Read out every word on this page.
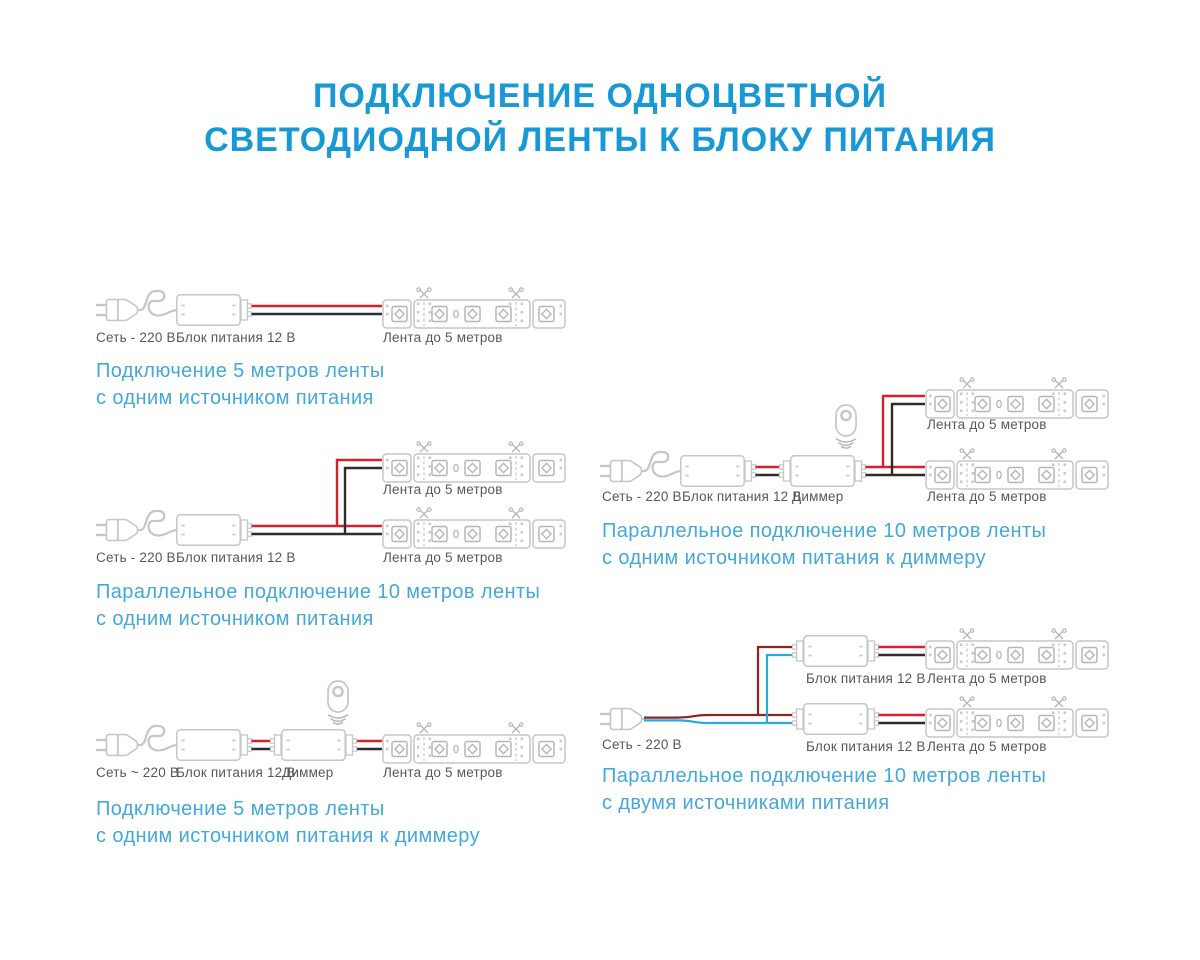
ПОДКЛЮЧЕНИЕ ОДНОЦВЕТНОЙ
СВЕТОДИОДНОЙ ЛЕНТЫ К БЛОКУ ПИТАНИЯ
Сеть - 220 В Блок питания 12 В	Лента до 5 метров
Лента до 5 метров
Сеть - 220 В Блок питания 12 В	Лента до 5 метров
Сеть ~ 220 В
Блок питания 12 В
Диммер	Лента до 5 метров
Лента до 5 метров
Сеть - 220 В Блок питания 12 В
Диммер	Лента до 5 метров
Блок питания 12 В Лента до 5 метров
Сеть - 220 В	Блок питания 12 В Лента до 5 метров
Подключение 5 метров ленты
с одним источником питания
Параллельное подключение 10 метров ленты
с одним источником питания
Подключение 5 метров ленты
с одним источником питания к диммеру
Параллельное подключение 10 метров ленты
с одним источником питания к диммеру
Параллельное подключение 10 метров ленты
с двумя источниками питания
